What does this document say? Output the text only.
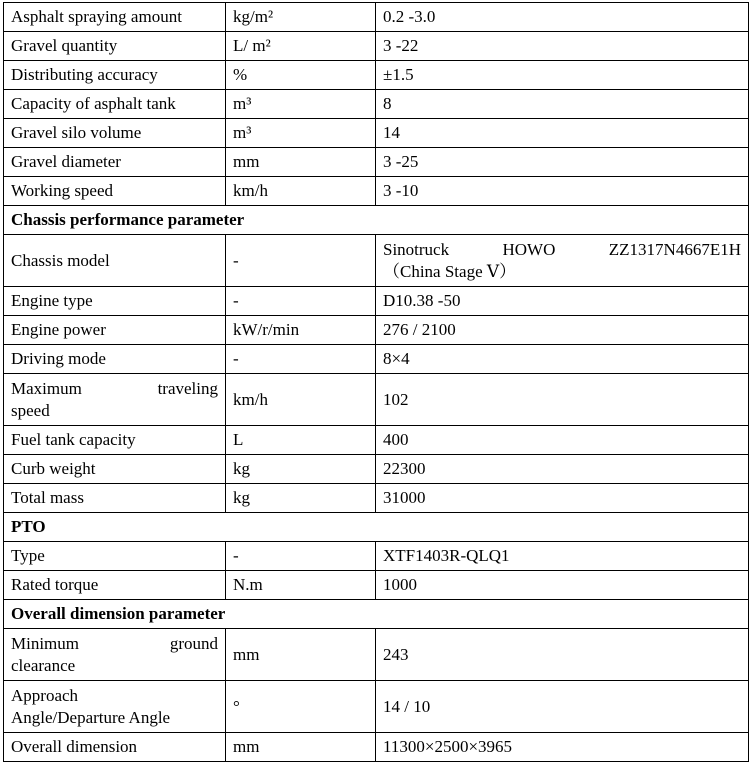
Asphalt spraying amount	kg/m²	0.2 -3.0
Gravel quantity	L/ m²	3 -22
Distributing accuracy	%	±1.5
Capacity of asphalt tank	m³	8
Gravel silo volume	m³	14
Gravel diameter	mm	3 -25
Working speed	km/h	3 -10
Chassis performance parameter		
Chassis model	-	Sinotruck HOWO ZZ1317N4667E1H
（China Stage Ⅴ）

Engine type	-	D10.38 -50
Engine power	kW/r/min	276 / 2100
Driving mode	-	8×4

Maximum traveling
speed	km/h	102
Fuel tank capacity	L	400
Curb weight	kg	22300
Total mass	kg	31000
PTO		
Type	-	XTF1403R-QLQ1
Rated torque	N.m	1000
Overall dimension parameter		

Minimum ground
clearance	mm	243

Approach
Angle/Departure Angle	°	14 / 10
Overall dimension	mm	11300×2500×3965
